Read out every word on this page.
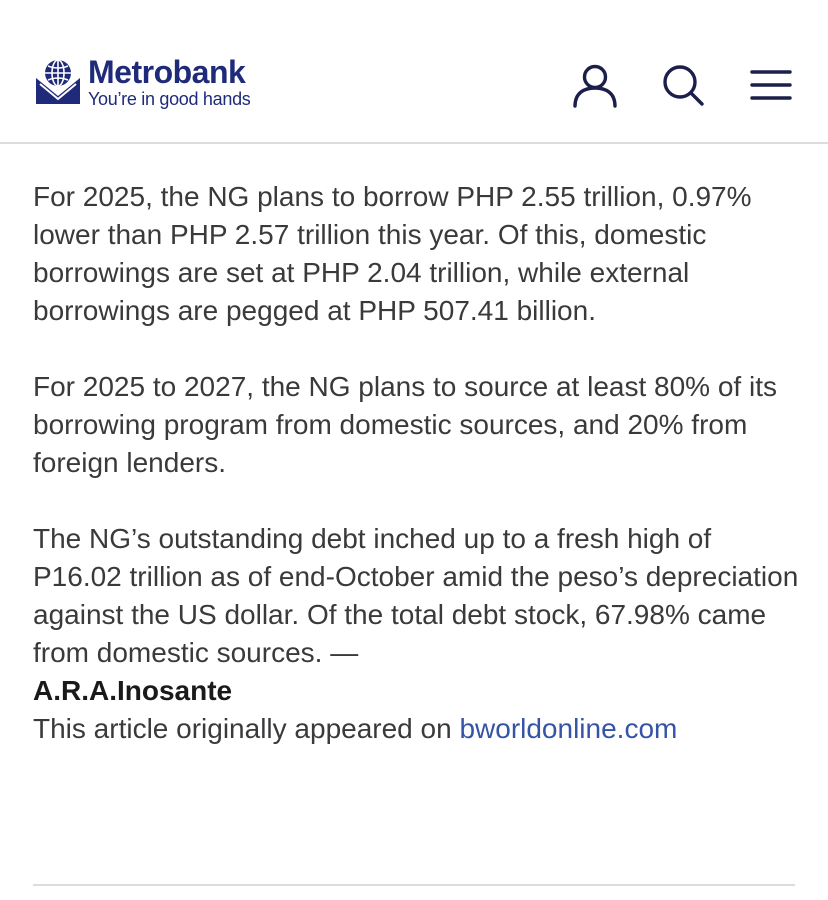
Metrobank
You’re in good hands

For 2025, the NG plans to borrow PHP 2.55 trillion, 0.97% lower than PHP 2.57 trillion this year. Of this, domestic borrowings are set at PHP 2.04 trillion, while external borrowings are pegged at PHP 507.41 billion.

For 2025 to 2027, the NG plans to source at least 80% of its borrowing program from domestic sources, and 20% from foreign lenders.

The NG’s outstanding debt inched up to a fresh high of P16.02 trillion as of end-October amid the peso’s depreciation against the US dollar. Of the total debt stock, 67.98% came from domestic sources. —
A.R.A.Inosante

This article originally appeared on bworldonline.com
